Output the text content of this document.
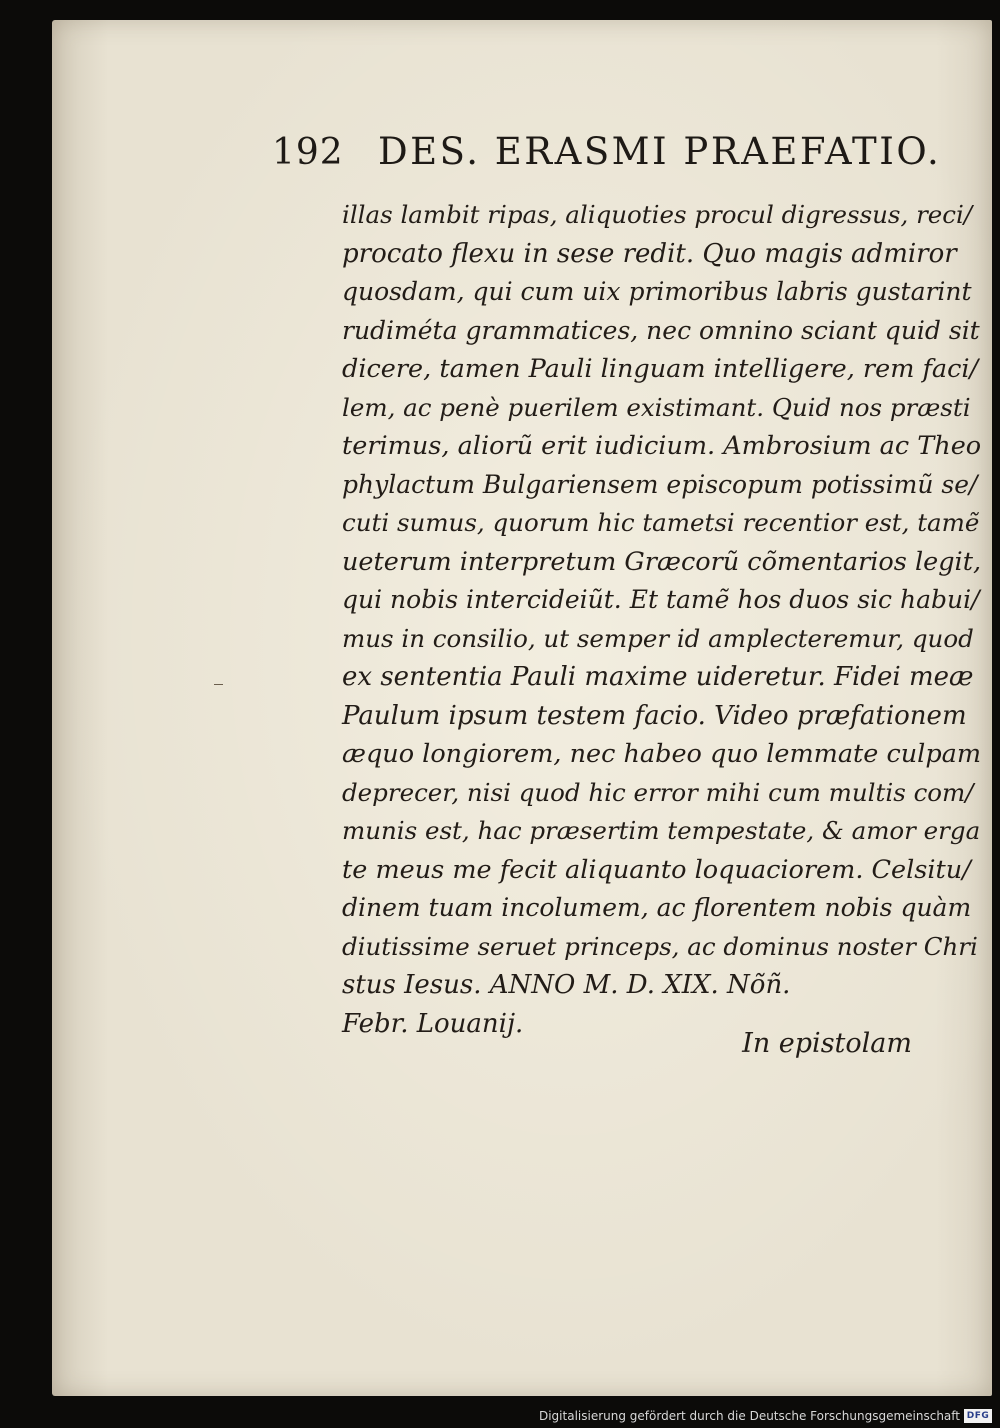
192 DES. ERASMI PRAEFATIO.
illas lambit ripas, aliquoties procul digressus, reci/
procato flexu in sese redit. Quo magis admiror
quosdam, qui cum uix primoribus labris gustarint
rudiméta grammatices, nec omnino sciant quid sit
dicere, tamen Pauli linguam intelligere, rem faci/
lem, ac penè puerilem existimant. Quid nos præsti
terimus, aliorũ erit iudicium. Ambrosium ac Theo
phylactum Bulgariensem episcopum potissimũ se/
cuti sumus, quorum hic tametsi recentior est, tamẽ
ueterum interpretum Græcorũ cõmentarios legit,
qui nobis intercideiũt. Et tamẽ hos duos sic habui/
mus in consilio, ut semper id amplecteremur, quod
ex sententia Pauli maxime uideretur. Fidei meæ
Paulum ipsum testem facio. Video præfationem
æquo longiorem, nec habeo quo lemmate culpam
deprecer, nisi quod hic error mihi cum multis com/
munis est, hac præsertim tempestate, & amor erga
te meus me fecit aliquanto loquaciorem. Celsitu/
dinem tuam incolumem, ac florentem nobis quàm
diutissime seruet princeps, ac dominus noster Chri
stus Iesus. ANNO M. D. XIX. Nõñ.
Febr. Louanij.
In epistolam
Digitalisierung gefördert durch die Deutsche Forschungsgemeinschaft DFG
